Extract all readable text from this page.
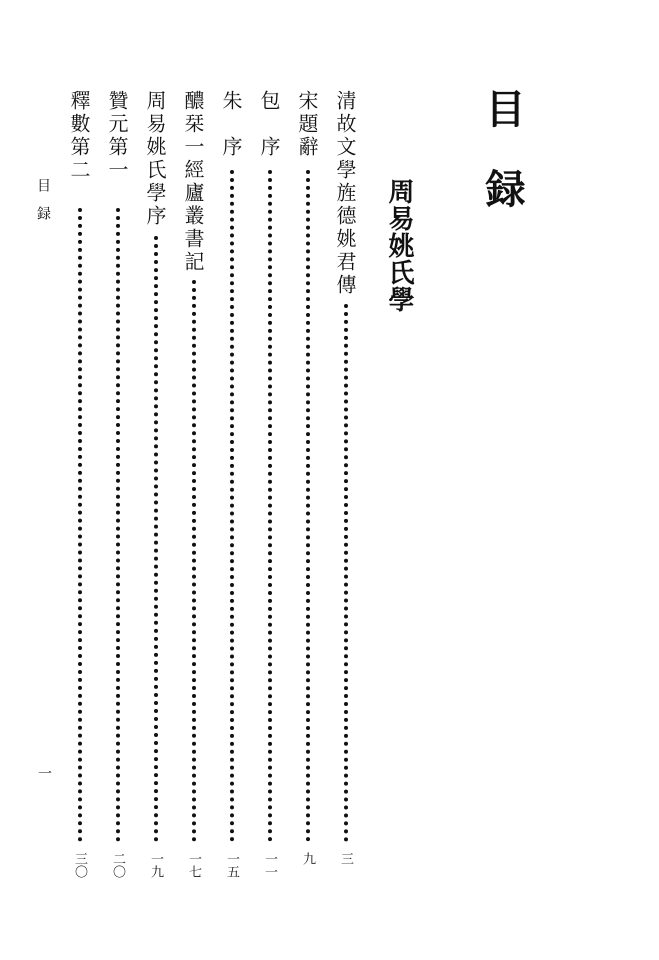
目録
周易姚氏學
清故文學旌德姚君傳
三
宋題辭
九
包　序
一一
朱　序
一五
醲栞一經廬叢書記
一七
周易姚氏學序
一九
贊元第一
二〇
釋數第二
三〇
目録
一
